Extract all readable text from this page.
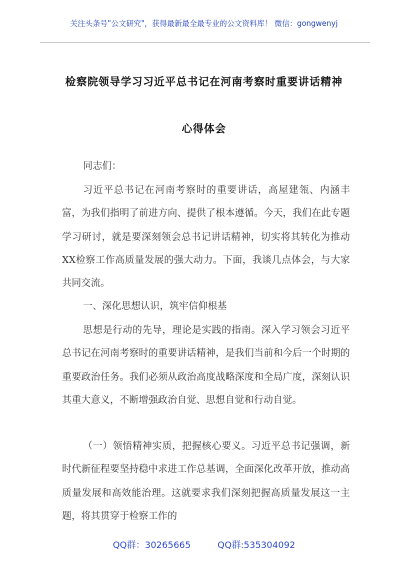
关注头条号"公文研究"，获得最新最全最专业的公文资料库！ 微信：gongwenyj
检察院领导学习习近平总书记在河南考察时重要讲话精神
心得体会

同志们：

习近平总书记在河南考察时的重要讲话，高屋建瓴、内涵丰富，为我们指明了前进方向、提供了根本遵循。今天，我们在此专题学习研讨，就是要深刻领会总书记讲话精神，切实将其转化为推动XX检察工作高质量发展的强大动力。下面，我谈几点体会，与大家共同交流。

一、深化思想认识，筑牢信仰根基

思想是行动的先导，理论是实践的指南。深入学习领会习近平总书记在河南考察时的重要讲话精神，是我们当前和今后一个时期的重要政治任务。我们必须从政治高度战略深度和全局广度，深刻认识其重大意义，不断增强政治自觉、思想自觉和行动自觉。

（一）领悟精神实质，把握核心要义。习近平总书记强调，新时代新征程要坚持稳中求进工作总基调，全面深化改革开放，推动高质量发展和高效能治理。这就要求我们深刻把握高质量发展这一主题，将其贯穿于检察工作的

QQ群：30265665	QQ群:535304092
